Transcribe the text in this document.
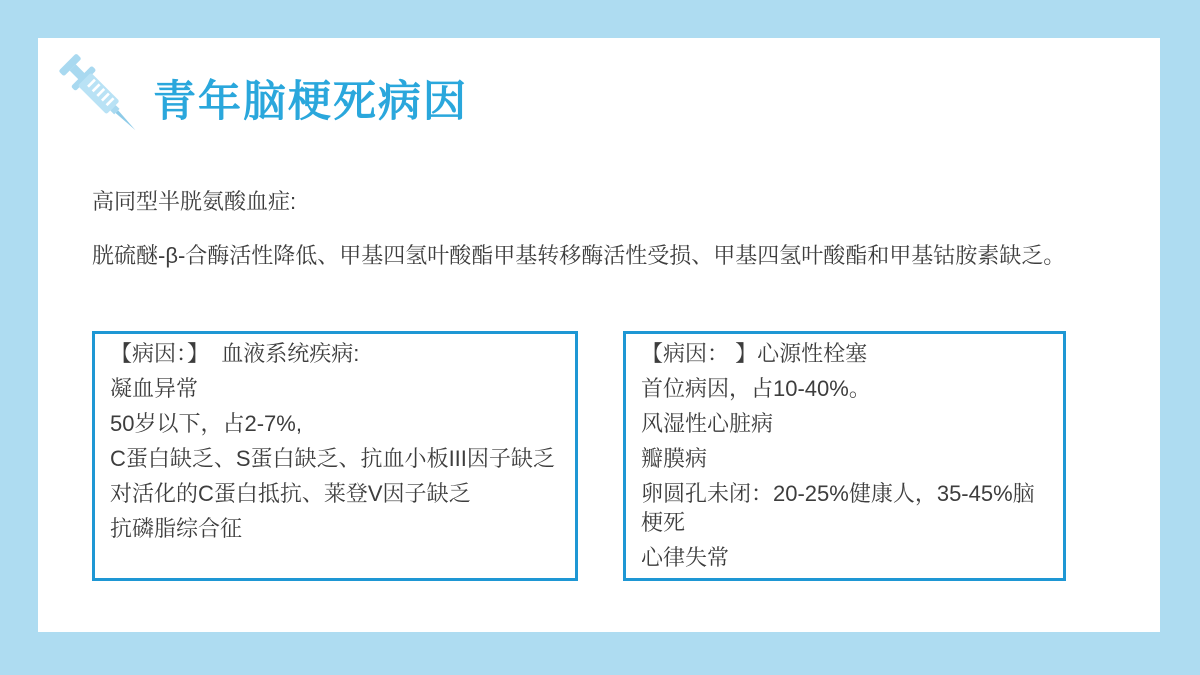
青年脑梗死病因

高同型半胱氨酸血症:

胱硫醚-β-合酶活性降低、甲基四氢叶酸酯甲基转移酶活性受损、甲基四氢叶酸酯和甲基钴胺素缺乏。

【病因：】  血液系统疾病:

凝血异常

50岁以下，占2-7%,

C蛋白缺乏、S蛋白缺乏、抗血小板III因子缺乏

对活化的C蛋白抵抗、莱登V因子缺乏

抗磷脂综合征

【病因： 】心源性栓塞

首位病因，占10-40%。

风湿性心脏病

瓣膜病

卵圆孔未闭：20-25%健康人，35-45%脑梗死

心律失常
